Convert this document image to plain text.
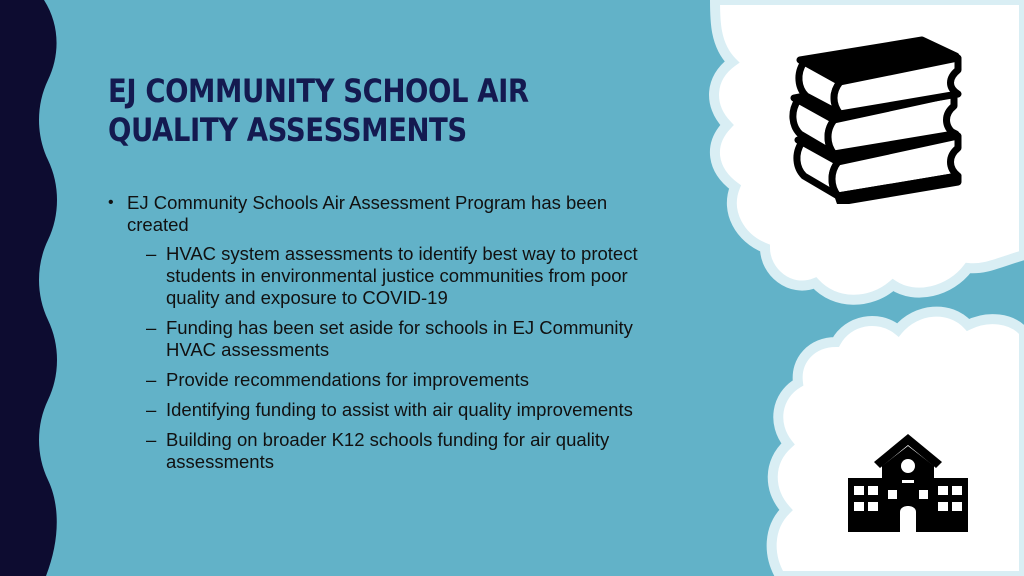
EJ COMMUNITY SCHOOL AIR
QUALITY ASSESSMENTS
• EJ Community Schools Air Assessment Program has been created
– HVAC system assessments to identify best way to protect students in environmental justice communities from poor quality and exposure to COVID-19
– Funding has been set aside for schools in EJ Community HVAC assessments
– Provide recommendations for improvements
– Identifying funding to assist with air quality improvements
– Building on broader K12 schools funding for air quality assessments
